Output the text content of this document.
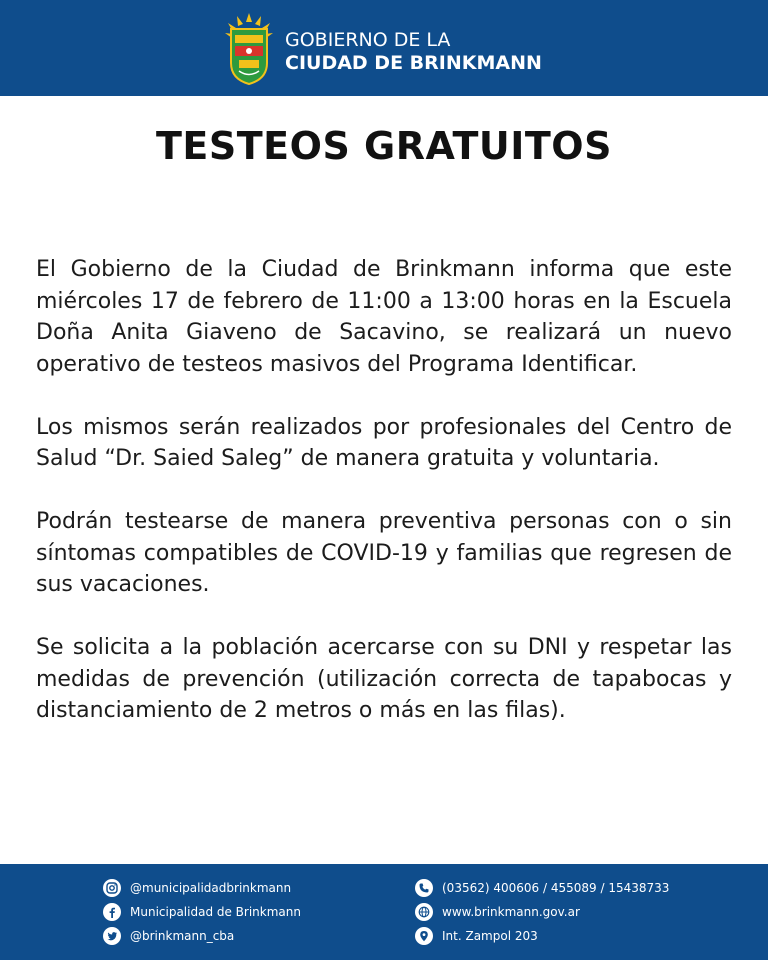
GOBIERNO DE LA
CIUDAD DE BRINKMANN
TESTEOS GRATUITOS

El Gobierno de la Ciudad de Brinkmann informa que este miércoles 17 de febrero de 11:00 a 13:00 horas en la Escuela Doña Anita Giaveno de Sacavino, se realizará un nuevo operativo de testeos masivos del Programa Identificar.

Los mismos serán realizados por profesionales del Centro de Salud “Dr. Saied Saleg” de manera gratuita y voluntaria.

Podrán testearse de manera preventiva personas con o sin síntomas compatibles de COVID-19 y familias que regresen de sus vacaciones.

Se solicita a la población acercarse con su DNI y respetar las medidas de prevención (utilización correcta de tapabocas y distanciamiento de 2 metros o más en las filas).

@municipalidadbrinkmann
Municipalidad de Brinkmann
@brinkmann_cba
(03562) 400606 / 455089 / 15438733
www.brinkmann.gov.ar
Int. Zampol 203
